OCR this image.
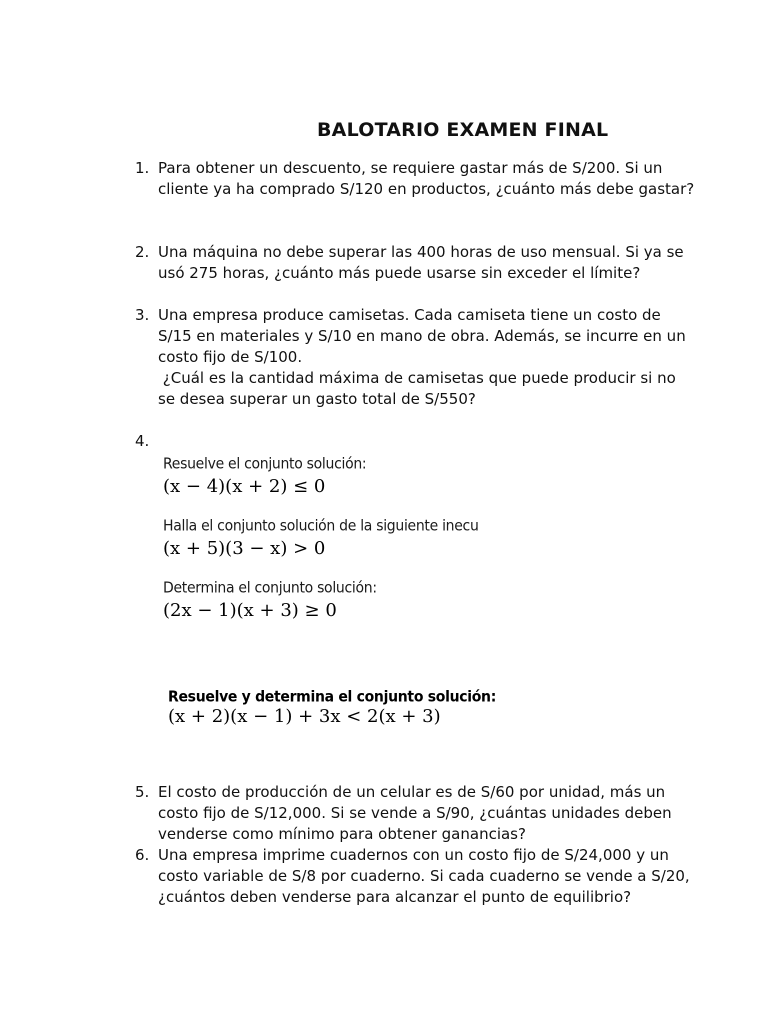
BALOTARIO EXAMEN FINAL
1. Para obtener un descuento, se requiere gastar más de S/200. Si un cliente ya ha comprado S/120 en productos, ¿cuánto más debe gastar?
2. Una máquina no debe superar las 400 horas de uso mensual. Si ya se usó 275 horas, ¿cuánto más puede usarse sin exceder el límite?
3. Una empresa produce camisetas. Cada camiseta tiene un costo de S/15 en materiales y S/10 en mano de obra. Además, se incurre en un costo fijo de S/100.
¿Cuál es la cantidad máxima de camisetas que puede producir si no se desea superar un gasto total de S/550?
4.
Resuelve el conjunto solución:
(x − 4)(x + 2) ≤ 0
Halla el conjunto solución de la siguiente inecu
(x + 5)(3 − x) > 0
Determina el conjunto solución:
(2x − 1)(x + 3) ≥ 0
Resuelve y determina el conjunto solución:
(x + 2)(x − 1) + 3x < 2(x + 3)
5. El costo de producción de un celular es de S/60 por unidad, más un costo fijo de S/12,000. Si se vende a S/90, ¿cuántas unidades deben venderse como mínimo para obtener ganancias?
6. Una empresa imprime cuadernos con un costo fijo de S/24,000 y un costo variable de S/8 por cuaderno. Si cada cuaderno se vende a S/20, ¿cuántos deben venderse para alcanzar el punto de equilibrio?
